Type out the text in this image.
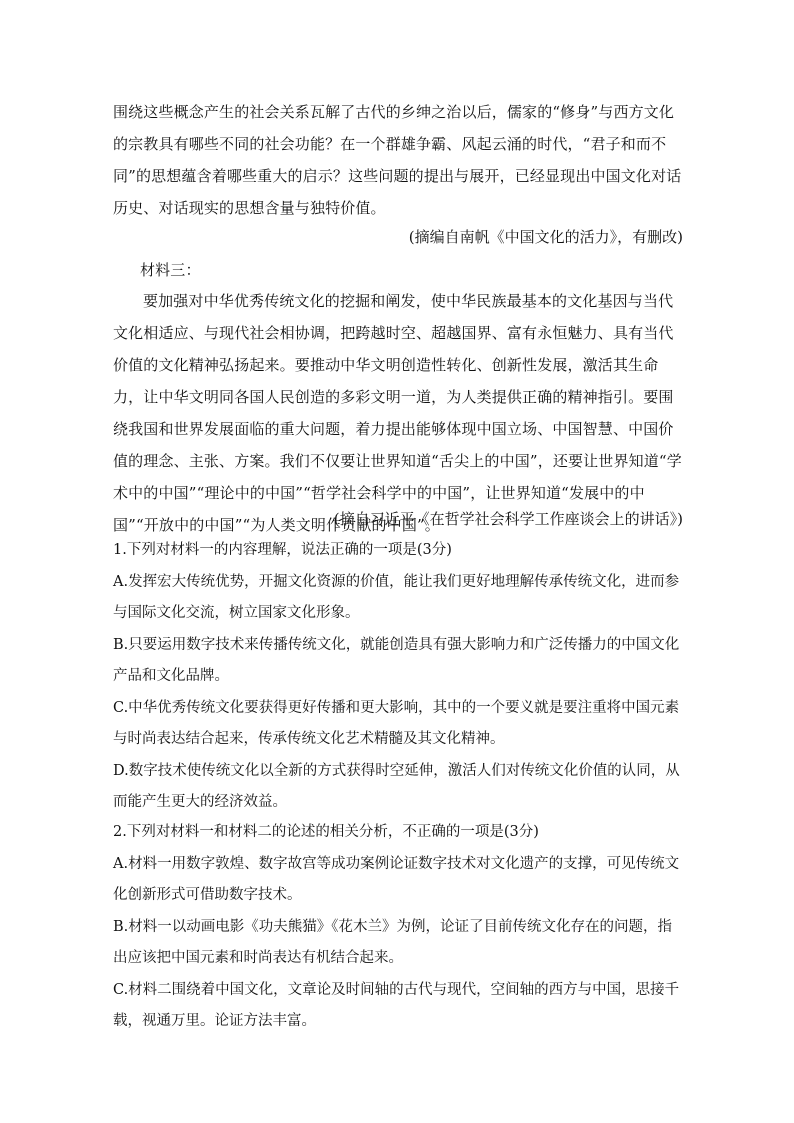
围绕这些概念产生的社会关系瓦解了古代的乡绅之治以后，儒家的“修身”与西方文化的宗教具有哪些不同的社会功能？在一个群雄争霸、风起云涌的时代，“君子和而不同”的思想蕴含着哪些重大的启示？这些问题的提出与展开，已经显现出中国文化对话历史、对话现实的思想含量与独特价值。

(摘编自南帆《中国文化的活力》，有删改)
材料三：

要加强对中华优秀传统文化的挖掘和阐发，使中华民族最基本的文化基因与当代文化相适应、与现代社会相协调，把跨越时空、超越国界、富有永恒魅力、具有当代价值的文化精神弘扬起来。要推动中华文明创造性转化、创新性发展，激活其生命力，让中华文明同各国人民创造的多彩文明一道，为人类提供正确的精神指引。要围绕我国和世界发展面临的重大问题，着力提出能够体现中国立场、中国智慧、中国价值的理念、主张、方案。我们不仅要让世界知道“舌尖上的中国”，还要让世界知道“学术中的中国”“理论中的中国”“哲学社会科学中的中国”，让世界知道“发展中的中国”“开放中的中国”“为人类文明作贡献的中国”。

(摘自习近平《在哲学社会科学工作座谈会上的讲话》)
1.下列对材料一的内容理解，说法正确的一项是(3分)
A.发挥宏大传统优势，开掘文化资源的价值，能让我们更好地理解传承传统文化，进而参与国际文化交流，树立国家文化形象。
B.只要运用数字技术来传播传统文化，就能创造具有强大影响力和广泛传播力的中国文化产品和文化品牌。
C.中华优秀传统文化要获得更好传播和更大影响，其中的一个要义就是要注重将中国元素与时尚表达结合起来，传承传统文化艺术精髓及其文化精神。
D.数字技术使传统文化以全新的方式获得时空延伸，激活人们对传统文化价值的认同，从而能产生更大的经济效益。
2.下列对材料一和材料二的论述的相关分析，不正确的一项是(3分)
A.材料一用数字敦煌、数字故宫等成功案例论证数字技术对文化遗产的支撑，可见传统文化创新形式可借助数字技术。
B.材料一以动画电影《功夫熊猫》《花木兰》为例，论证了目前传统文化存在的问题，指出应该把中国元素和时尚表达有机结合起来。
C.材料二围绕着中国文化，文章论及时间轴的古代与现代，空间轴的西方与中国，思接千载，视通万里。论证方法丰富。
